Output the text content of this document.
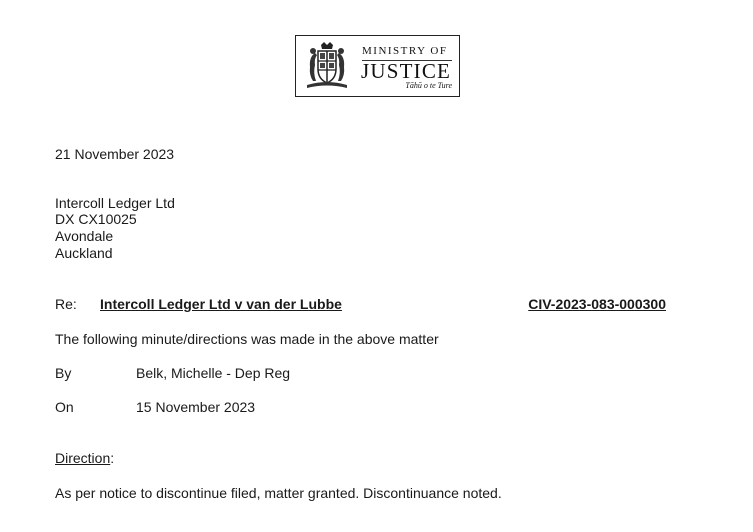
MINISTRY OF
JUSTICE
Tāhū o te Ture
21 November 2023
Intercoll Ledger Ltd
DX CX10025
Avondale
Auckland
Re: Intercoll Ledger Ltd v van der Lubbe	CIV-2023-083-000300
The following minute/directions was made in the above matter
By	Belk, Michelle - Dep Reg
On	15 November 2023
Direction:
As per notice to discontinue filed, matter granted. Discontinuance noted.
